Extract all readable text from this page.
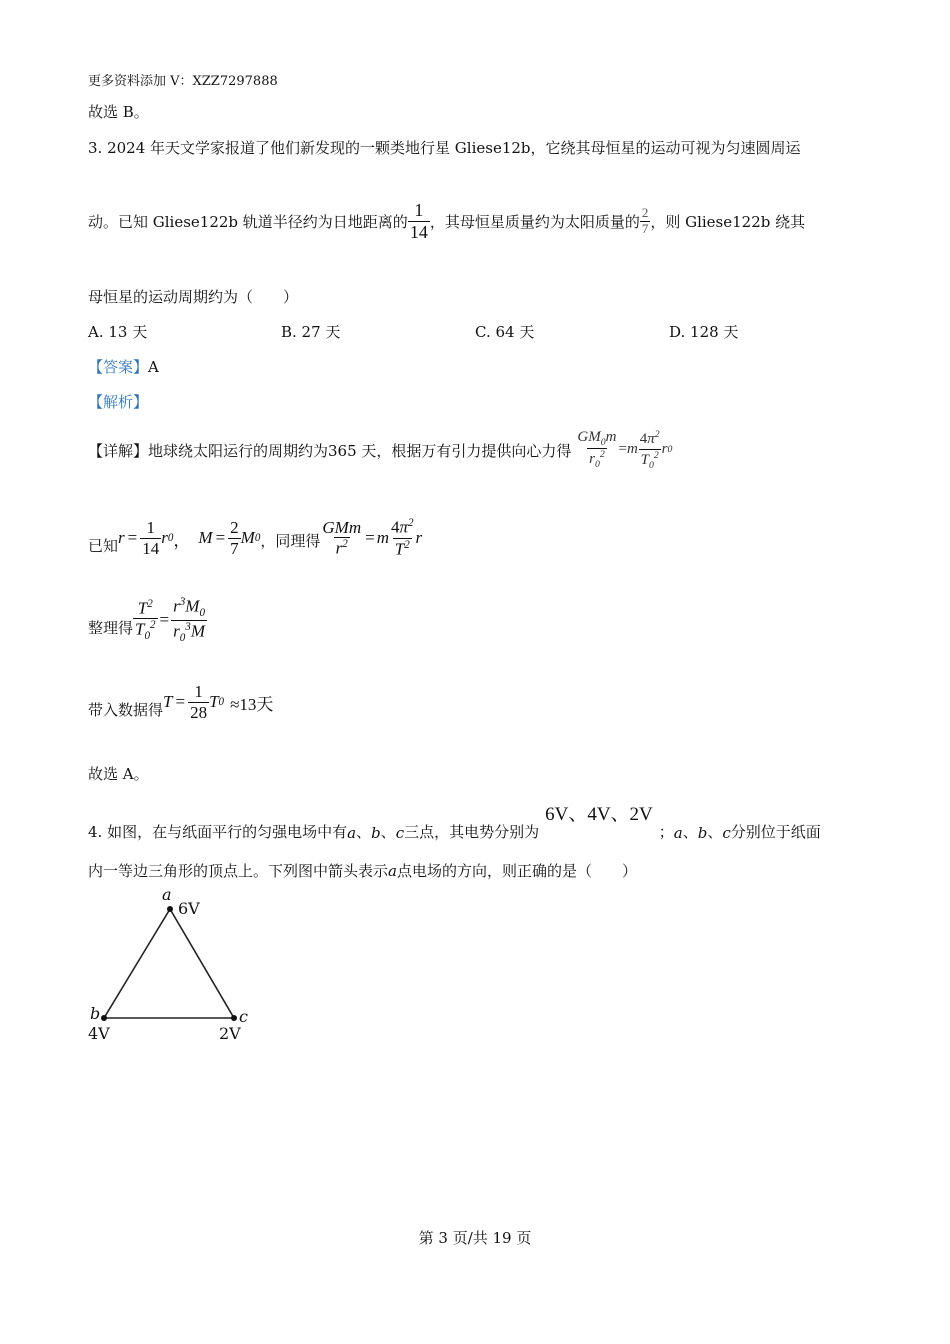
更多资料添加 V：XZZ7297888
故选 B。
3. 2024 年天文学家报道了他们新发现的一颗类地行星 Gliese12b，它绕其母恒星的运动可视为匀速圆周运
动。已知 Gliese122b 轨道半径约为日地距离的 $\frac{1}{14}$ ，其母恒星质量约为太阳质量的 $\frac{2}{7}$ ，则 Gliese122b 绕其
母恒星的运动周期约为（　　）
A. 13 天	B. 27 天	C. 64 天	D. 128 天
【答案】A
【解析】
【详解】 地球绕太阳运行的周期约为365 天，根据万有引力提供向心力得 $\frac{GM_0m}{r_0^2} = m \frac{4\pi^2}{T_0^2}$ r 0
已知 $r = \frac{1}{14}$ r 0 ， $M = \frac{2}{7}$ M 0 ，同理得 $\frac{\text{GMm}}{r^2} = m \frac{4\pi^2}{T^2}$ r
整理得 $\frac{T^2}{T_0^2} = \frac{r^3M_0}{r_0^3M}$
带入数据得 $T = \frac{1}{28}$ T 0 ≈13天
故选 A。
4. 如图，在与纸面平行的匀强电场中有 a 、 b 、 c 三点，其电势分别为
6V、4V、2V
； a 、 b 、 c 分别位于纸面
内一等边三角形的顶点上。下列图中箭头表示a点电场的方向，则正确的是（　　）
a
6V
b
4V
c
2V
第 3 页/共 19 页
